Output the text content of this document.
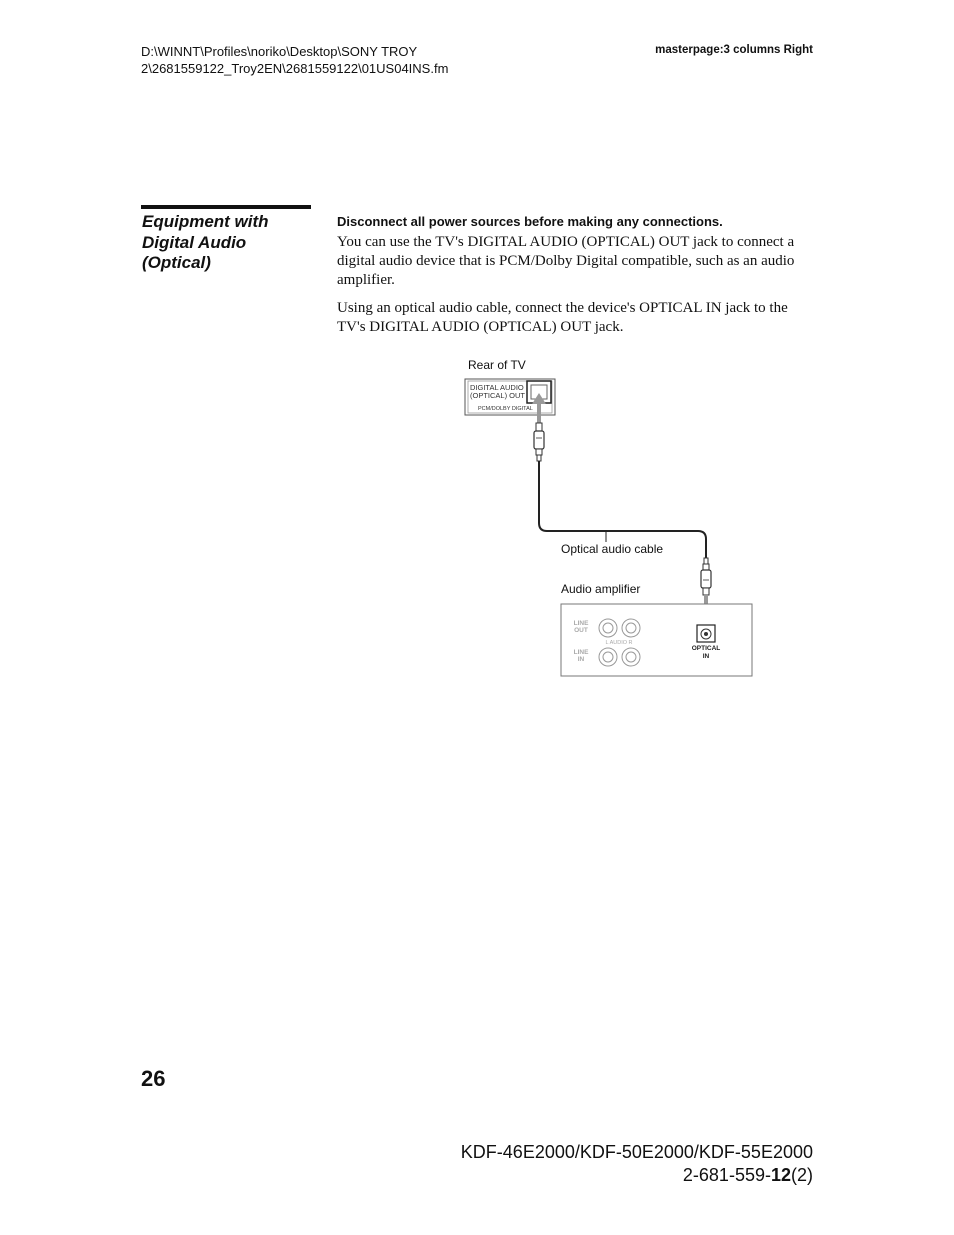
D:\WINNT\Profiles\noriko\Desktop\SONY TROY
2\2681559122_Troy2EN\2681559122\01US04INS.fm
masterpage:3 columns Right
Equipment with
Digital Audio
(Optical)

Disconnect all power sources before making any connections.

You can use the TV's DIGITAL AUDIO (OPTICAL) OUT jack to connect a digital audio device that is PCM/Dolby Digital compatible, such as an audio amplifier.

Using an optical audio cable, connect the device's OPTICAL IN jack to the TV's DIGITAL AUDIO (OPTICAL) OUT jack.

Rear of TV
DIGITAL AUDIO
(OPTICAL) OUT
PCM/DOLBY DIGITAL
Optical audio cable
Audio amplifier
LINE
OUT
LINE
IN
L AUDIO R
OPTICAL
IN
26
KDF-46E2000/KDF-50E2000/KDF-55E2000
2-681-559-12(2)
